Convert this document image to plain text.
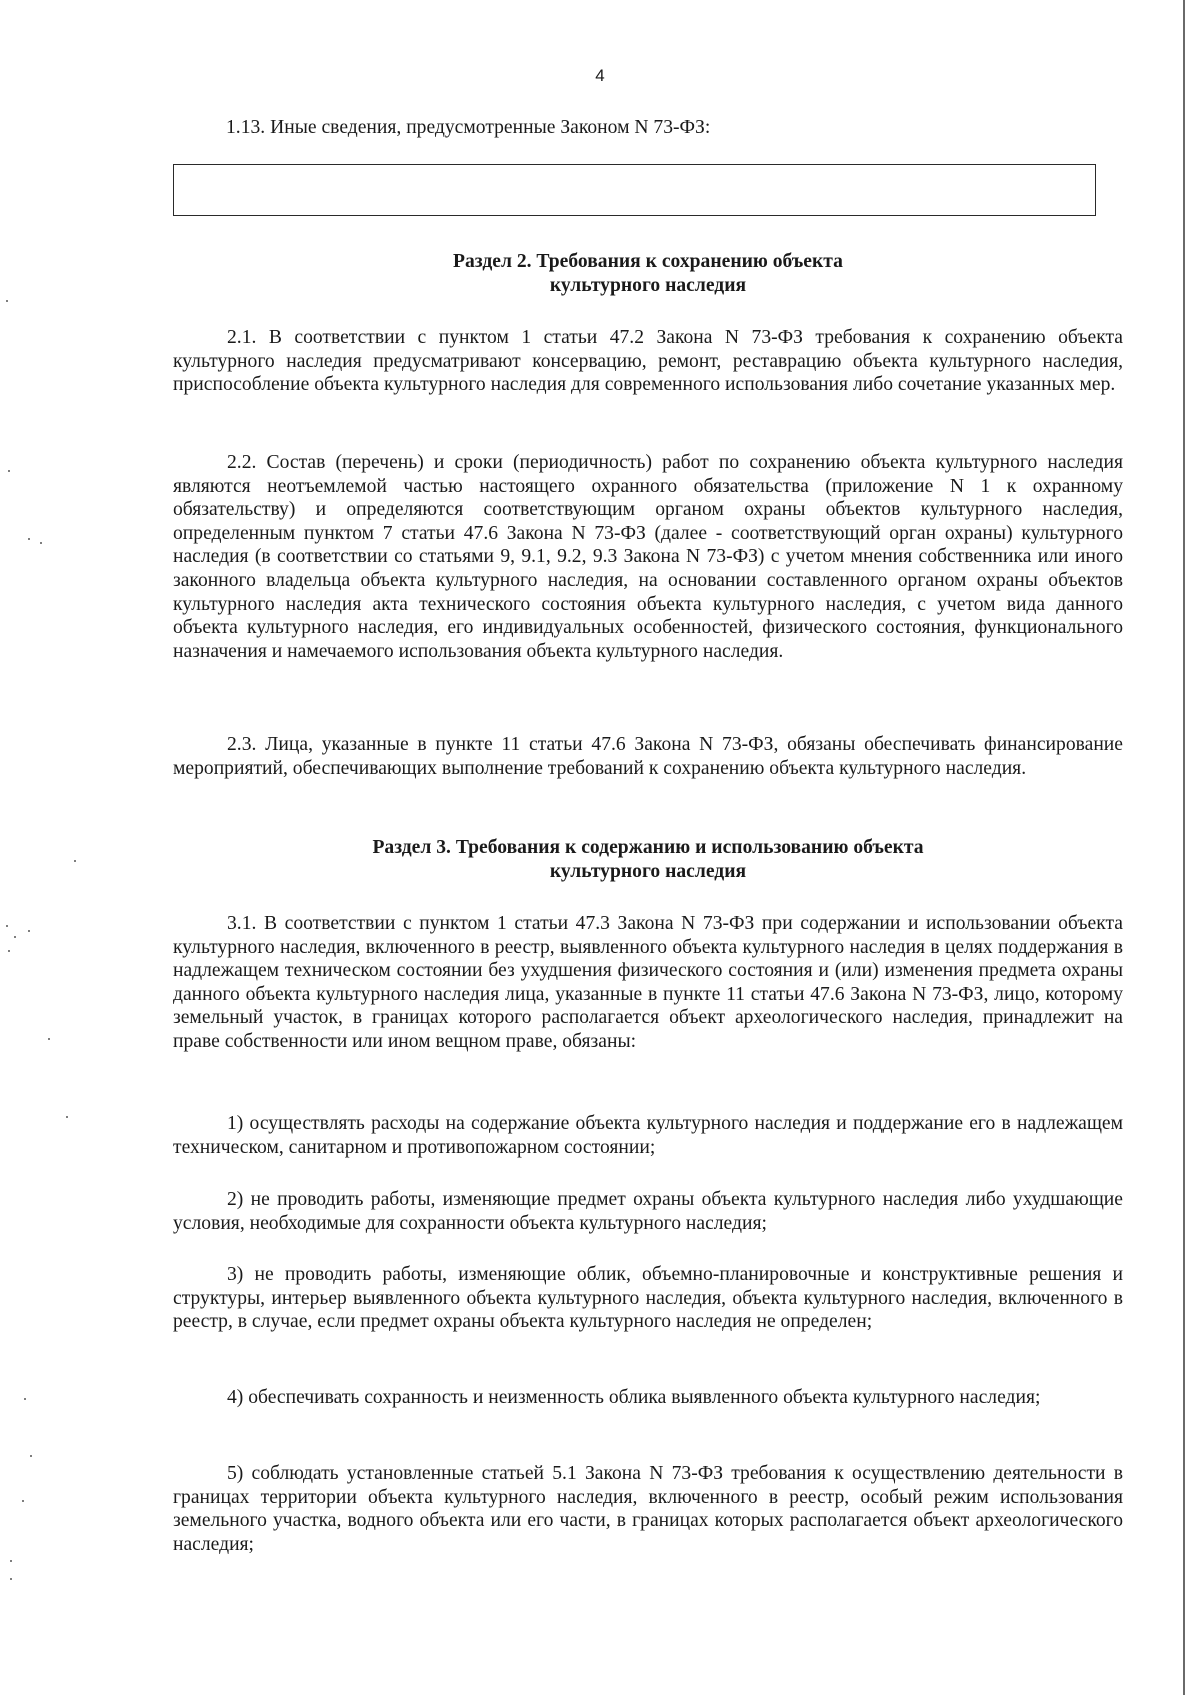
4

1.13. Иные сведения, предусмотренные Законом N 73-ФЗ:

Раздел 2. Требования к сохранению объекта
культурного наследия

2.1. В соответствии с пунктом 1 статьи 47.2 Закона N 73-ФЗ требования к сохранению объекта культурного наследия предусматривают консервацию, ремонт, реставрацию объекта культурного наследия, приспособление объекта культурного наследия для современного использования либо сочетание указанных мер.

2.2. Состав (перечень) и сроки (периодичность) работ по сохранению объекта культурного наследия являются неотъемлемой частью настоящего охранного обязательства (приложение N 1 к охранному обязательству) и определяются соответствующим органом охраны объектов культурного наследия, определенным пунктом 7 статьи 47.6 Закона N 73-ФЗ (далее - соответствующий орган охраны) культурного наследия (в соответствии со статьями 9, 9.1, 9.2, 9.3 Закона N 73-ФЗ) с учетом мнения собственника или иного законного владельца объекта культурного наследия, на основании составленного органом охраны объектов культурного наследия акта технического состояния объекта культурного наследия, с учетом вида данного объекта культурного наследия, его индивидуальных особенностей, физического состояния, функционального назначения и намечаемого использования объекта культурного наследия.

2.3. Лица, указанные в пункте 11 статьи 47.6 Закона N 73-ФЗ, обязаны обеспечивать финансирование мероприятий, обеспечивающих выполнение требований к сохранению объекта культурного наследия.

Раздел 3. Требования к содержанию и использованию объекта
культурного наследия

3.1. В соответствии с пунктом 1 статьи 47.3 Закона N 73-ФЗ при содержании и использовании объекта культурного наследия, включенного в реестр, выявленного объекта культурного наследия в целях поддержания в надлежащем техническом состоянии без ухудшения физического состояния и (или) изменения предмета охраны данного объекта культурного наследия лица, указанные в пункте 11 статьи 47.6 Закона N 73-ФЗ, лицо, которому земельный участок, в границах которого располагается объект археологического наследия, принадлежит на праве собственности или ином вещном праве, обязаны:

1) осуществлять расходы на содержание объекта культурного наследия и поддержание его в надлежащем техническом, санитарном и противопожарном состоянии;

2) не проводить работы, изменяющие предмет охраны объекта культурного наследия либо ухудшающие условия, необходимые для сохранности объекта культурного наследия;

3) не проводить работы, изменяющие облик, объемно-планировочные и конструктивные решения и структуры, интерьер выявленного объекта культурного наследия, объекта культурного наследия, включенного в реестр, в случае, если предмет охраны объекта культурного наследия не определен;

4) обеспечивать сохранность и неизменность облика выявленного объекта культурного наследия;

5) соблюдать установленные статьей 5.1 Закона N 73-ФЗ требования к осуществлению деятельности в границах территории объекта культурного наследия, включенного в реестр, особый режим использования земельного участка, водного объекта или его части, в границах которых располагается объект археологического наследия;
